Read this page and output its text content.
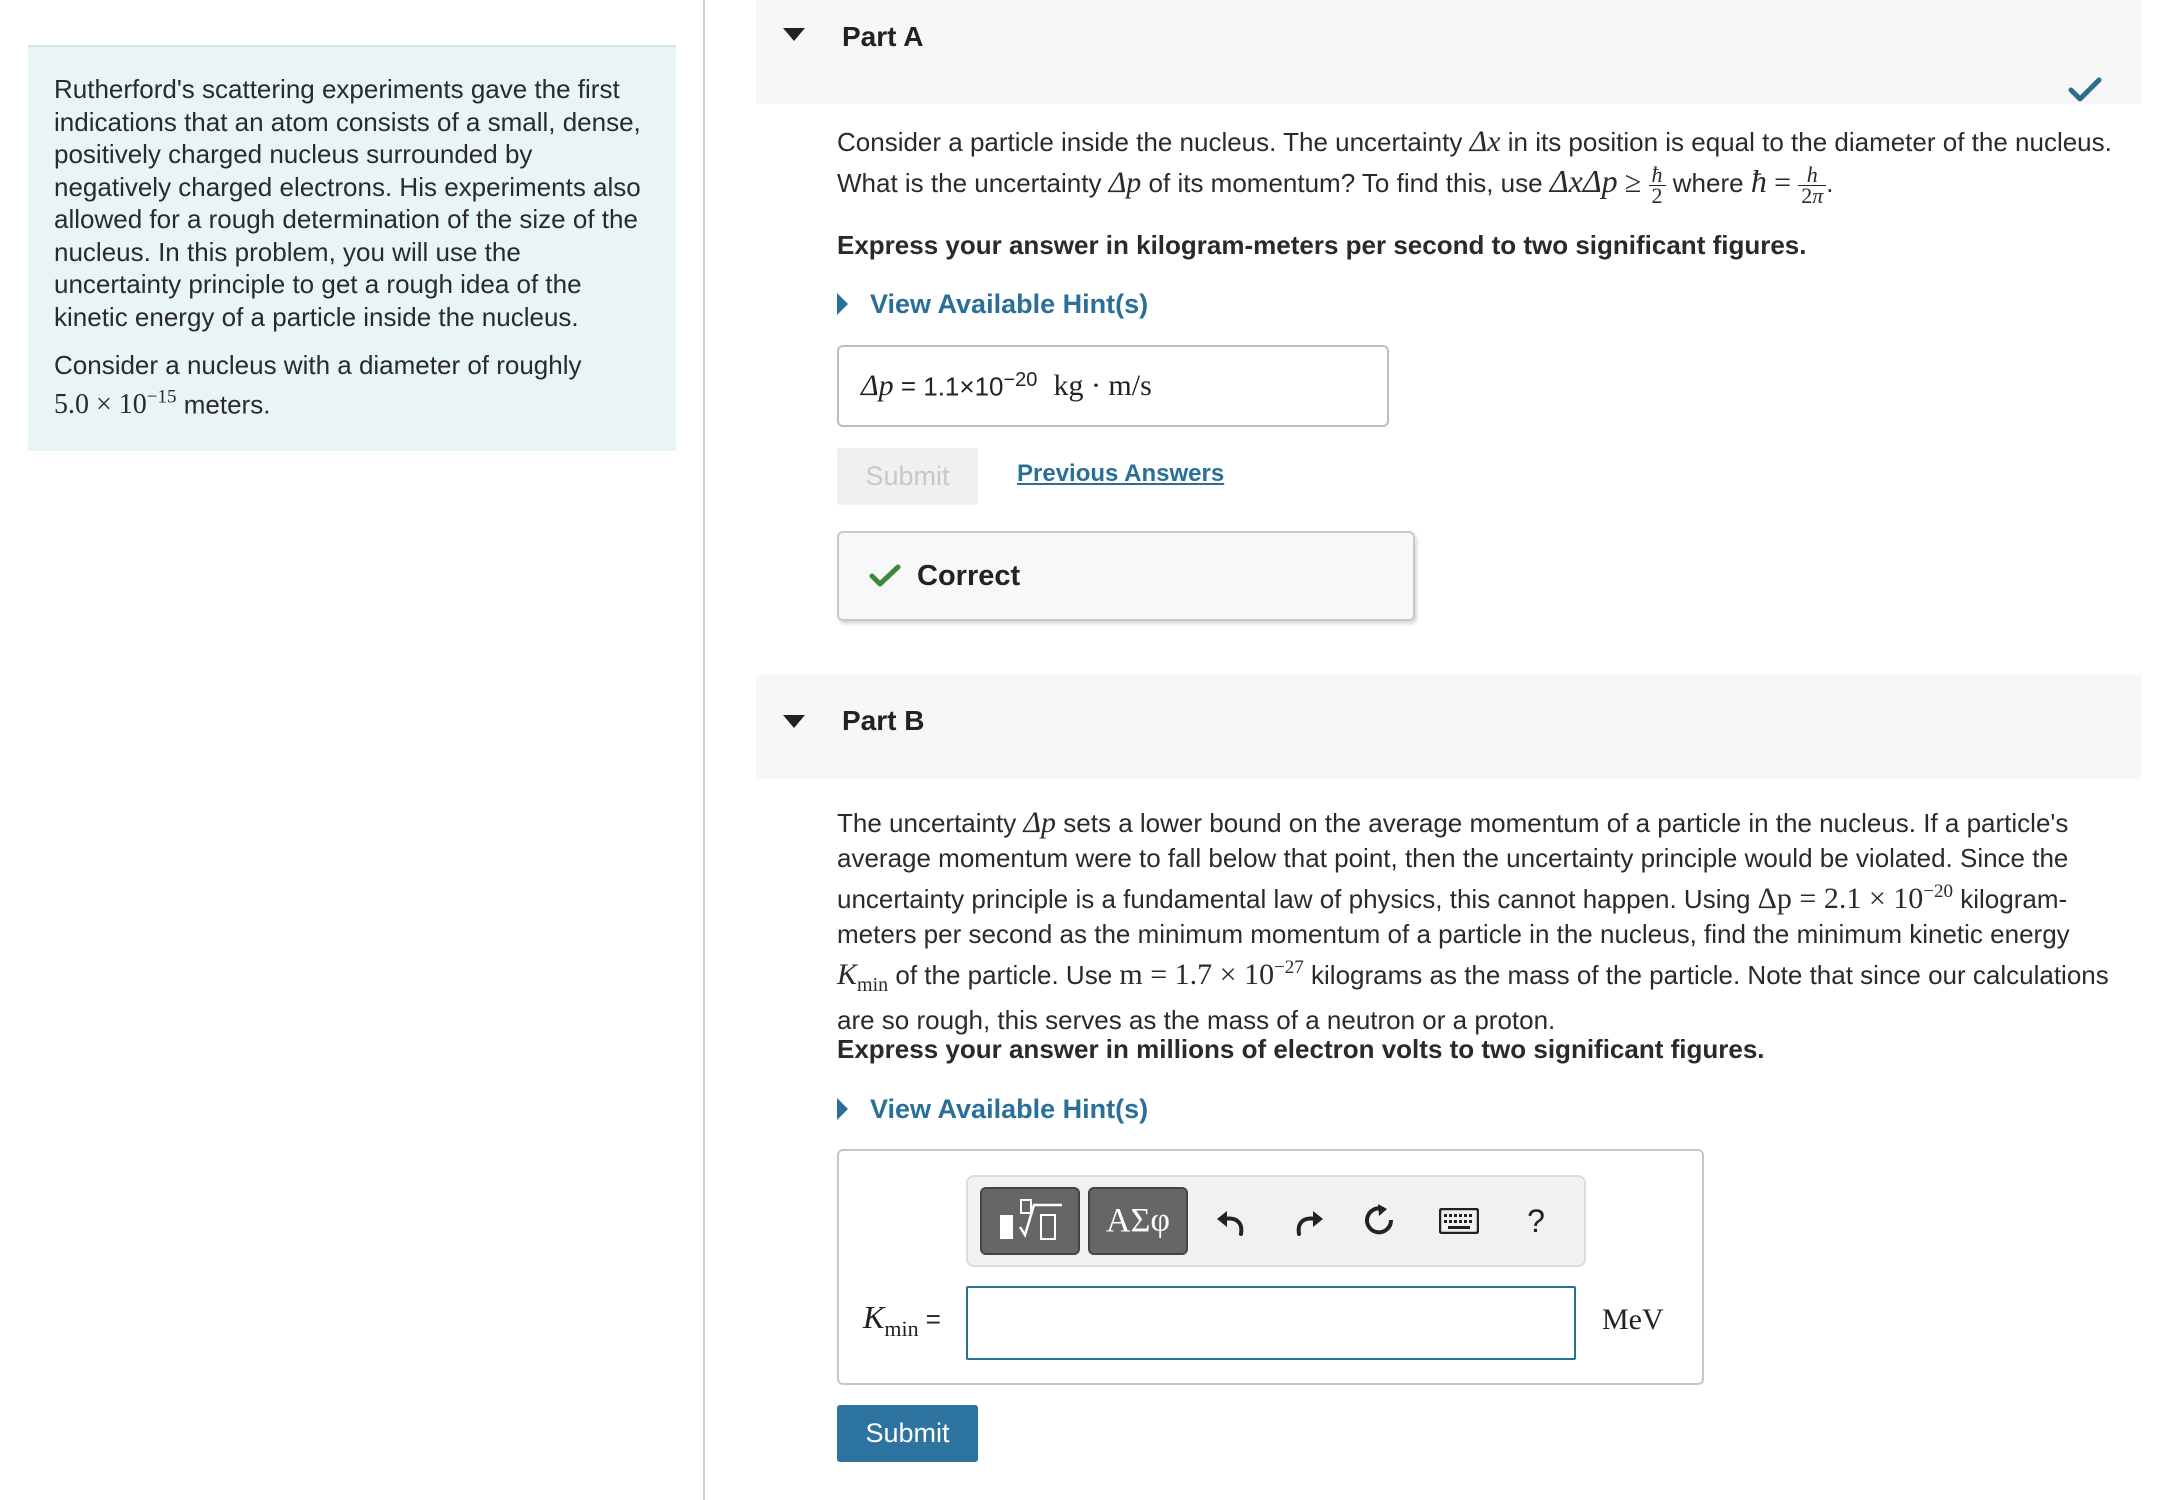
Rutherford's scattering experiments gave the first indications that an atom consists of a small, dense, positively charged nucleus surrounded by negatively charged electrons. His experiments also allowed for a rough determination of the size of the nucleus. In this problem, you will use the uncertainty principle to get a rough idea of the kinetic energy of a particle inside the nucleus.

Consider a nucleus with a diameter of roughly
$5.0 \times 10^{-15}$ meters.

Part A
Consider a particle inside the nucleus. The uncertainty Δx in its position is equal to the diameter of the nucleus.
What is the uncertainty Δp of its momentum? To find this, use $\Delta x\Delta p \ge \frac{ħ}{2}$ where ħ = $\frac{h}{2\pi}$ .
Express your answer in kilogram-meters per second to two significant figures.
View Available Hint(s)
$\Delta p = 1.1\times 10^{-20}$ kg · m/s
Submit	Previous Answers
Correct
Part B
The uncertainty Δp sets a lower bound on the average momentum of a particle in the nucleus. If a particle's average momentum were to fall below that point, then the uncertainty principle would be violated. Since the uncertainty principle is a fundamental law of physics, this cannot happen. Using $\Delta p = 2.1 \times 10^{-20}$ kilogram-meters per second as the minimum momentum of a particle in the nucleus, find the minimum kinetic energy $K_{min}$ of the particle. Use $m = 1.7 \times 10^{-27}$ kilograms as the mass of the particle. Note that since our calculations are so rough, this serves as the mass of a neutron or a proton.
Express your answer in millions of electron volts to two significant figures.
View Available Hint(s)
ΑΣφ	?
$K_{min}$ =	MeV
Submit
